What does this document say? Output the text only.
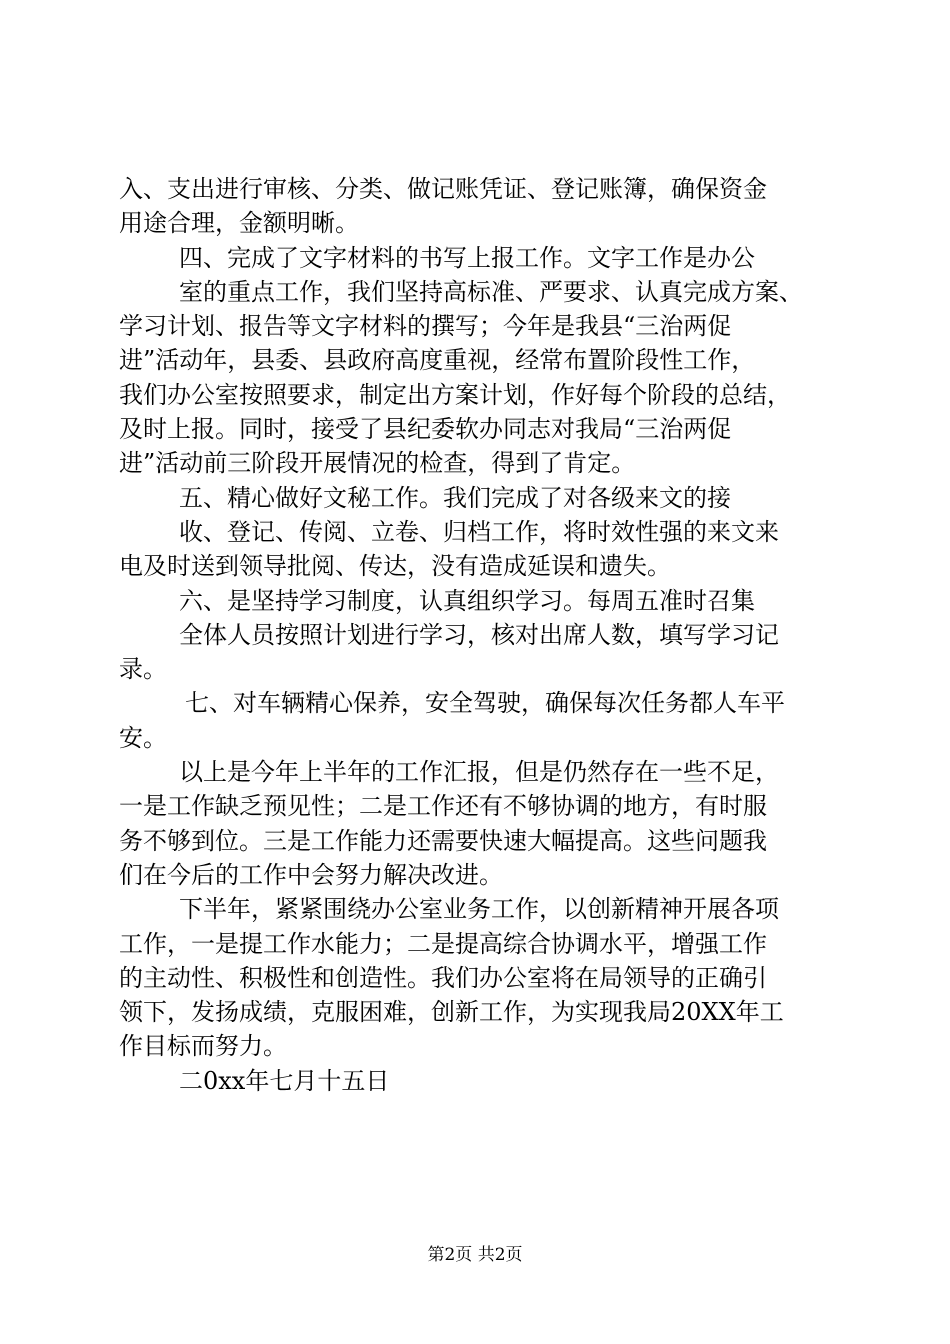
入、支出进行审核、分类、做记账凭证、登记账簿，确保资金
用途合理，金额明晰。
四、完成了文字材料的书写上报工作。文字工作是办公
室的重点工作，我们坚持高标准、严要求、认真完成方案、
学习计划、报告等文字材料的撰写；今年是我县“三治两促
进”活动年，县委、县政府高度重视，经常布置阶段性工作，
我们办公室按照要求，制定出方案计划，作好每个阶段的总结，
及时上报。同时，接受了县纪委软办同志对我局“三治两促
进”活动前三阶段开展情况的检查，得到了肯定。
五、精心做好文秘工作。我们完成了对各级来文的接
收、登记、传阅、立卷、归档工作，将时效性强的来文来
电及时送到领导批阅、传达，没有造成延误和遗失。
六、是坚持学习制度，认真组织学习。每周五准时召集
全体人员按照计划进行学习，核对出席人数，填写学习记
录。
七、对车辆精心保养，安全驾驶，确保每次任务都人车平
安。
以上是今年上半年的工作汇报，但是仍然存在一些不足，
一是工作缺乏预见性；二是工作还有不够协调的地方，有时服
务不够到位。三是工作能力还需要快速大幅提高。这些问题我
们在今后的工作中会努力解决改进。
下半年，紧紧围绕办公室业务工作，以创新精神开展各项
工作，一是提工作水能力；二是提高综合协调水平，增强工作
的主动性、积极性和创造性。我们办公室将在局领导的正确引
领下，发扬成绩，克服困难，创新工作，为实现我局20XX年工
作目标而努力。
二0xx年七月十五日
第2页 共2页
